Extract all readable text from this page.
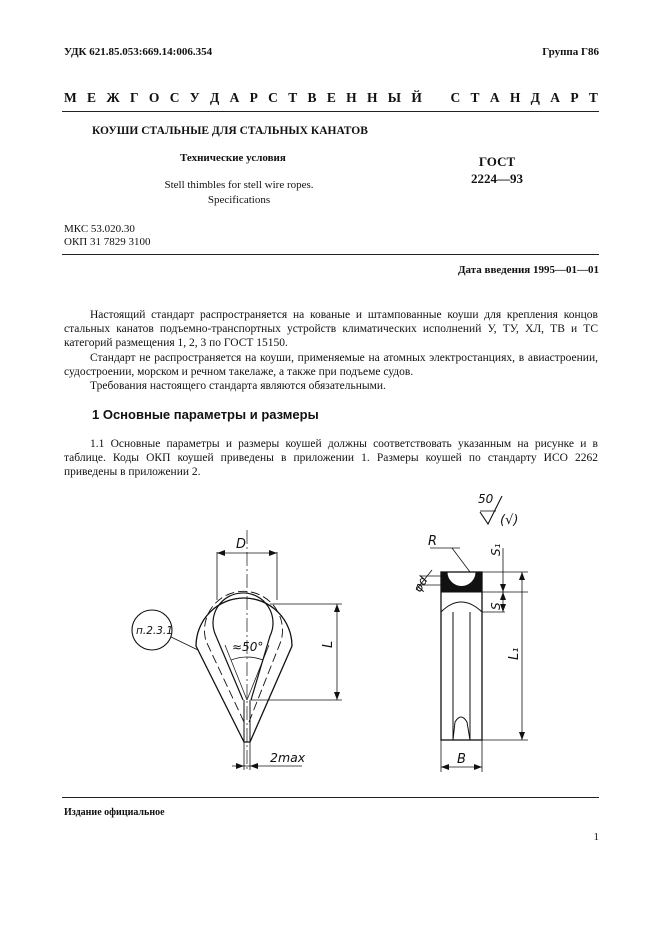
УДК 621.85.053:669.14:006.354	Группа Г86
М Е Ж Г О С У Д А Р С Т В Е Н Н Ы Й С Т А Н Д А Р Т
КОУШИ СТАЛЬНЫЕ ДЛЯ СТАЛЬНЫХ КАНАТОВ
Технические условия
Stell thimbles for stell wire ropes.
Specifications
ГОСТ
2224—93
МКС 53.020.30
ОКП 31 7829 3100
Дата введения 1995—01—01

Настоящий стандарт распространяется на кованые и штампованные коуши для крепления концов стальных канатов подъемно-транспортных устройств климатических исполнений У, ТУ, ХЛ, ТВ и ТС категорий размещения 1, 2, 3 по ГОСТ 15150.

Стандарт не распространяется на коуши, применяемые на атомных электростанциях, в авиастроении, судостроении, морском и речном такелаже, а также при подъеме судов.

Требования настоящего стандарта являются обязательными.

1 Основные параметры и размеры

1.1 Основные параметры и размеры коушей должны соответствовать указанным на рисунке и в таблице. Коды ОКП коушей приведены в приложении 1. Размеры коушей по стандарту ИСО 2262 приведены в приложении 2.

D
L
≈50°
п.2.3.1
2max
50
(√)
R
φd
S₁
S
L₁
B
Издание официальное
1
